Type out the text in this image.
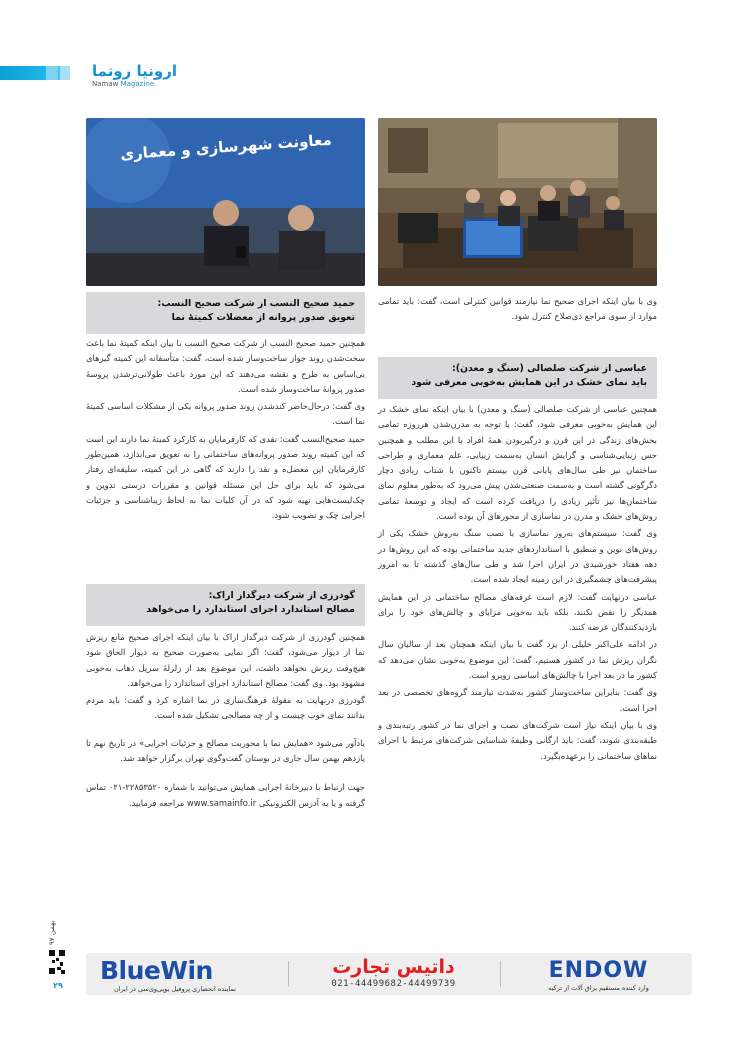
ارونیا روتما
Namaw Magazine
معاونت شهرسازی و معماری
حمید صحیح النسب از شرکت صحیح النسب:
تعویق صدور پروانه از معضلات کمیتهٔ نما

همچنین حمید صحیح النسب از شرکت صحیح النسب با بیان اینکه کمیتهٔ نما باعث سخت‌شدن روند جواز ساخت‌وساز شده است، گفت: متأسفانه این کمیته گیرهای بی‌اساس به طرح و نقشه می‌دهند که این مورد باعث طولانی‌ترشدن پروسهٔ صدور پروانهٔ ساخت‌وساز شده است.

وی گفت: درحال‌حاضر کندشدن روند صدور پروانه یکی از مشکلات اساسی کمیتهٔ نما است.

حمید صحیح‌النسب گفت: نقدی که کارفرمایان به کارکرد کمیتهٔ نما دارند این است که این کمیته روند صدور پروانه‌های ساختمانی را به تعویق می‌اندازد، همین‌طور کارفرمایان این معضل‌ه و نقد را دارند که گاهی در این کمیته، سلیقه‌ای رفتار می‌شود که باید برای حل این مسئله قوانین و مقررات درستی تدوین و چک‌لیست‌هایی تهیه شود که در آن کلیات نما به لحاظ زیباشناسی و جزئیات اجرایی چک و تصویب شود.

گودرزی از شرکت دیرگداز اراک:
مصالح استاندارد اجرای استاندارد را می‌خواهد

همچنین گودرزی از شرکت دیرگداز اراک با بیان اینکه اجرای صحیح مانع ریزش نما از دیوار می‌شود، گفت: اگر نمایی به‌صورت صحیح به دیوار الحاق شود هیچ‌وقت ریزش نخواهد داشت، این موضوع بعد از زلزلهٔ سرپل ذهاب به‌خوبی مشهود بود. وی گفت: مصالح استاندارد اجرای استاندارد را می‌خواهد.

گودرزی درنهایت به مقولهٔ فرهنگ‌سازی در نما اشاره کرد و گفت: باید مردم بدانند نمای خوب چیست و از چه مصالحی تشکیل شده است.

یادآور می‌شود «همایش نما با محوریت مصالح و جزئیات اجرایی» در تاریخ نهم تا یازدهم بهمن سال جاری در بوستان گفت‌وگوی تهران برگزار خواهد شد.

جهت ارتباط با دبیرخانهٔ اجرایی همایش می‌توانید با شماره ۲۲۸۵۳۵۲۰-۰۲۱ تماس گرفته و یا به آدرس الکترونیکی www.samainfo.ir مراجعه فرمایید.

وی با بیان اینکه اجرای صحیح نما نیازمند قوانین کنترلی است، گفت: باید تمامی موارد از سوی مراجع ذی‌صلاح کنترل شود.

عباسی از شرکت صلصالی (سنگ و معدن):
باید نمای خشک در این همایش به‌خوبی معرفی شود

همچنین عباسی از شرکت صلصالی (سنگ و معدن) با بیان اینکه نمای خشک در این همایش به‌خوبی معرفی شود، گفت: با توجه به مدرن‌شدن هرروزه تمامی بخش‌های زندگی در این قرن و درگیربودن همهٔ افراد با این مطلب و همچنین حس زیبایی‌شناسی و گرایش انسان به‌سمت زیبایی، علم معماری و طراحی ساختمان نیز طی سال‌های پایانی قرن بیستم تاکنون با شتاب زیادی دچار دگرگونی گشته است و به‌سمت صنعتی‌شدن پیش می‌رود که به‌طور معلوم نمای ساختمان‌ها نیز تأثیر زیادی را دریافت کرده است که ایجاد و توسعهٔ تمامی روش‌های خشک و مدرن در نماسازی از محورهای آن بوده است.

وی گفت: سیستم‌های به‌روز نماسازی با نصب سنگ به‌روش خشک یکی از روش‌های نوین و منطبق با استانداردهای جدید ساختمانی بوده که این روش‌ها در دهه هفتاد خورشیدی در ایران اجرا شد و طی سال‌های گذشته تا به امروز پیشرفت‌های چشمگیری در این زمینه ایجاد شده است.

عباسی درنهایت گفت: لازم است غرفه‌های مصالح ساختمانی در این همایش همدیگر را نقض نکنند، بلکه باید به‌خوبی مزایای و چالش‌های خود را برای بازدیدکنندگان عرضه کنند.

در ادامه علی‌اکبر خلیلی از یزد گفت با بیان اینکه همچنان بعد از سالیان سال نگران ریزش نما در کشور هستیم، گفت: این موضوع به‌خوبی نشان می‌دهد که کشور ما در بعد اجرا با چالش‌های اساسی روبرو است.

وی گفت: بنابراین ساخت‌وساز کشور به‌شدت نیازمند گروه‌های تخصصی در بعد اجرا است.

وی با بیان اینکه نیاز است شرکت‌های نصب و اجرای نما در کشور رتبه‌بندی و طبقه‌بندی شوند، گفت: باید ارگانی وظیفهٔ شناسایی شرکت‌های مرتبط با اجرای نماهای ساختمانی را برعهده‌بگیرد.

بهمن ۹۷
۲۹
BlueWin
نماینده انحصاری پروفیل یو‌پی‌وی‌سی در ایران
داتیس تجارت
021-44499682-44499739
ENDOW
وارد کننده مستقیم یراق آلات از ترکیه
